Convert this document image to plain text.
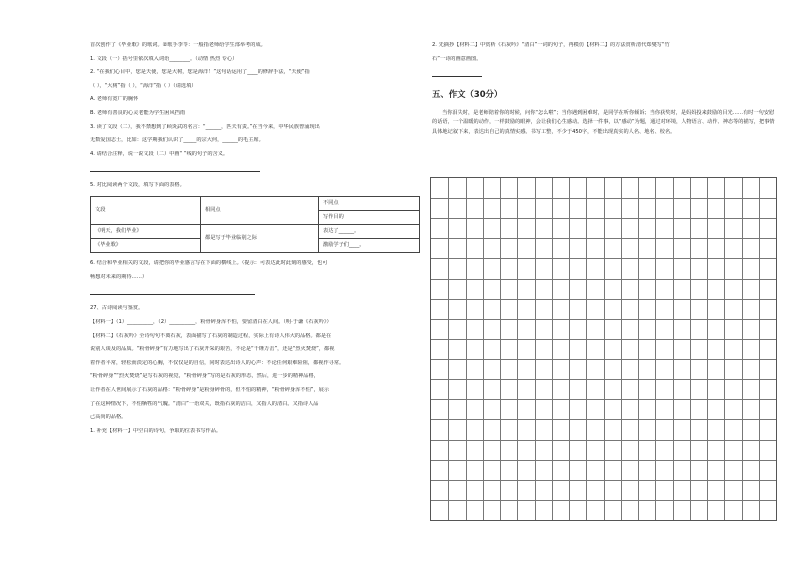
首次创作了《毕业歌》的歌词。②歌手李苓：一般指老师给学生部举考的成。
1. 文段（一）括号里依次填入词语________。（动情 热烈 专心）
2. “在我们心目中，您是天使，您是大树，您是海洋！”这句话运用了____的修辞手法，“天使”指
（ ），“大树”指（ ），“海洋”指（ ）（请选填）
A. 老师有宽广的胸怀
B. 老师有善良的心灵老能为学生困风挡雨
3. 读了文段（二），我不禁想到了顾炎武的名言：“______，匹夫有责。”在当今来，中华民族曾涌现出
无数爱国志士，比如：这学期我们认识了_____的宗大何，______的毛主席。
4. 请结合注释，说一说文段（二）中画“ ”线的句子的含义。
5. 对比阅读两个文段，填写下面的表格。
文段	相同点	不同点
		写作目的
《明天，我们毕业》	都是写于毕业临别之际	表达了______。
《毕业歌》		激励学子们____。
6. 结合和毕业相关的文段，请把你的毕业感言写在下面的横线上。（提示：可表达此时此刻的感受，也可
畅想对未来的期待……）
27、古诗阅读与鉴赏。
【材料一】（1）__________，（2）__________，粉骨碎身浑不怕，要留清白在人间。（明·于谦《石灰吟》）
【材料二】《石灰吟》全诗句句不离石灰，表面描写了石灰的制造过程，实际上有诗人伟大的品格。都是在
说别人谈及的品质。“粉骨碎身”有力地写出了石灰开采的艰苦，不论是“千锤万击”，还是“烈火焚烧”，都视
着作者平常，轻松而淡定的心胸，不仅仅是的自信，同时表达出诗人的心声：不论任何艰难险阻，都视作寻常。
“粉骨碎身”“烈火焚烧”是写石灰的视觉，“粉骨碎身”写的是石灰的形态，然后，进一步的精神品格，
让作者在人世间展示了石灰的品格：“粉骨碎身”是粉身碎骨的，但不怕的精神，“粉骨碎身浑不怕”，展示
了在这种情况下，不怕牺牲的气魄。“清白”一语双关，既指石灰的洁白，又指人的清白。又指诗人品
己高尚的品格。
1. 补充【材料一】中空白的诗句，争取的位表书写作品。
2. 先摘抄【材料二】中赏析《石灰吟》“清白”一词的句子，再模仿【材料二】的方法赏析清代郑燮写“竹
石”一诗的画意画图。
五、作文（30分）
当你泪失时，是老师陪着你的时候，问你“怎么啦”；当你遇到困难时，是同学在听你倾诉；当你获奖时，是妈妈投来鼓励的目光……有时一句安慰的话语，一个温暖的动作，一样鼓励的眼神，会让我们心生感动。选择一件事，以“感动”为题，通过对环境，人物语言、动作、神态等的描写，把事情具体地记叙下来，表达出自己的真情实感。书写工整，不少于450字，不能出现真实的人名、地名、校名。
